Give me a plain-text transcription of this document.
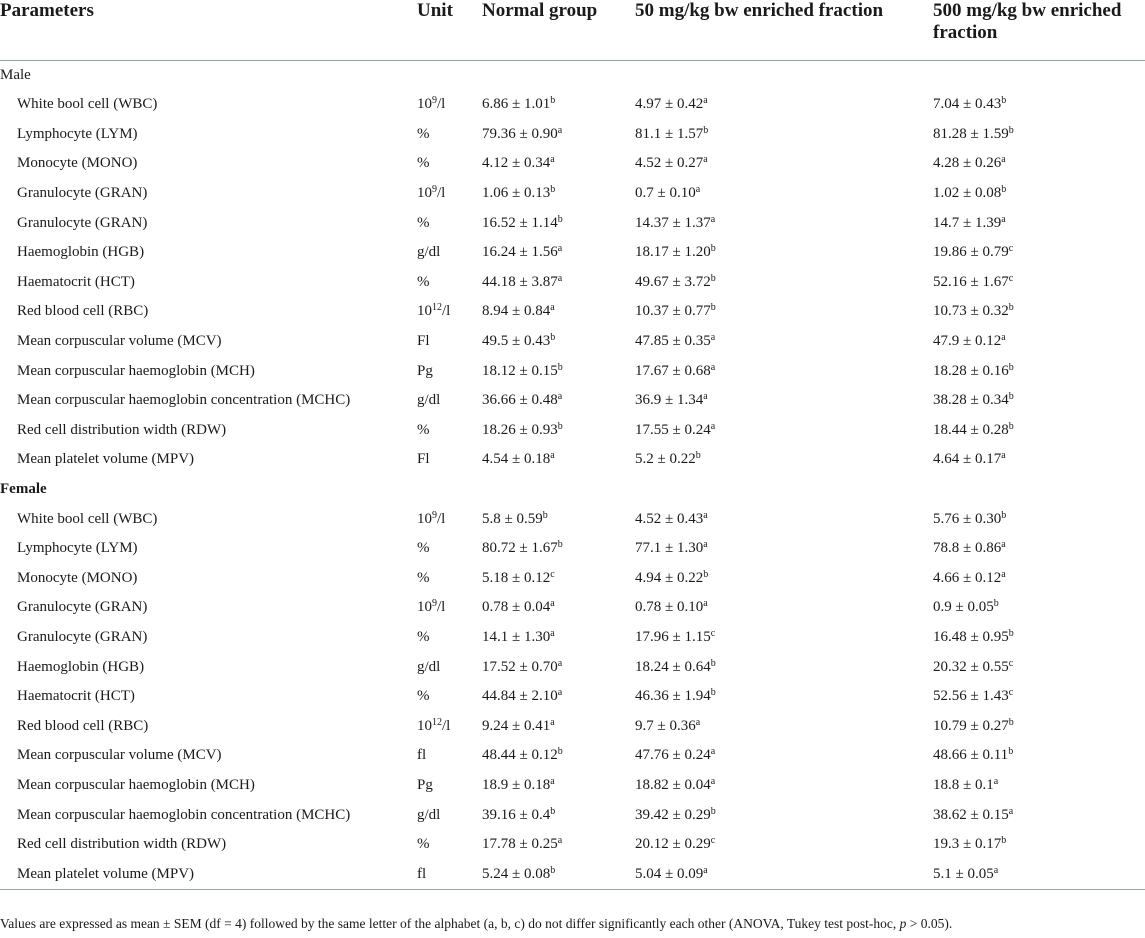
Parameters	Unit	Normal group	50 mg/kg bw enriched fraction	500 mg/kg bw enriched fraction
Male				
White bool cell (WBC)	$10^9/l$	6.86 ± 1.01$^b$	4.97 ± 0.42$^a$	7.04 ± 0.43$^b$
Lymphocyte (LYM)	%	79.36 ± 0.90$^a$	81.1 ± 1.57$^b$	81.28 ± 1.59$^b$
Monocyte (MONO)	%	4.12 ± 0.34$^a$	4.52 ± 0.27$^a$	4.28 ± 0.26$^a$
Granulocyte (GRAN)	$10^9/l$	1.06 ± 0.13$^b$	0.7 ± 0.10$^a$	1.02 ± 0.08$^b$
Granulocyte (GRAN)	%	16.52 ± 1.14$^b$	14.37 ± 1.37$^a$	14.7 ± 1.39$^a$
Haemoglobin (HGB)	g/dl	16.24 ± 1.56$^a$	18.17 ± 1.20$^b$	19.86 ± 0.79$^c$
Haematocrit (HCT)	%	44.18 ± 3.87$^a$	49.67 ± 3.72$^b$	52.16 ± 1.67$^c$
Red blood cell (RBC)	$10^{12}/l$	8.94 ± 0.84$^a$	10.37 ± 0.77$^b$	10.73 ± 0.32$^b$
Mean corpuscular volume (MCV)	Fl	49.5 ± 0.43$^b$	47.85 ± 0.35$^a$	47.9 ± 0.12$^a$
Mean corpuscular haemoglobin (MCH)	Pg	18.12 ± 0.15$^b$	17.67 ± 0.68$^a$	18.28 ± 0.16$^b$
Mean corpuscular haemoglobin concentration (MCHC)	g/dl	36.66 ± 0.48$^a$	36.9 ± 1.34$^a$	38.28 ± 0.34$^b$
Red cell distribution width (RDW)	%	18.26 ± 0.93$^b$	17.55 ± 0.24$^a$	18.44 ± 0.28$^b$
Mean platelet volume (MPV)	Fl	4.54 ± 0.18$^a$	5.2 ± 0.22$^b$	4.64 ± 0.17$^a$
Female				
White bool cell (WBC)	$10^9/l$	5.8 ± 0.59$^b$	4.52 ± 0.43$^a$	5.76 ± 0.30$^b$
Lymphocyte (LYM)	%	80.72 ± 1.67$^b$	77.1 ± 1.30$^a$	78.8 ± 0.86$^a$
Monocyte (MONO)	%	5.18 ± 0.12$^c$	4.94 ± 0.22$^b$	4.66 ± 0.12$^a$
Granulocyte (GRAN)	$10^9/l$	0.78 ± 0.04$^a$	0.78 ± 0.10$^a$	0.9 ± 0.05$^b$
Granulocyte (GRAN)	%	14.1 ± 1.30$^a$	17.96 ± 1.15$^c$	16.48 ± 0.95$^b$
Haemoglobin (HGB)	g/dl	17.52 ± 0.70$^a$	18.24 ± 0.64$^b$	20.32 ± 0.55$^c$
Haematocrit (HCT)	%	44.84 ± 2.10$^a$	46.36 ± 1.94$^b$	52.56 ± 1.43$^c$
Red blood cell (RBC)	$10^{12}/l$	9.24 ± 0.41$^a$	9.7 ± 0.36$^a$	10.79 ± 0.27$^b$
Mean corpuscular volume (MCV)	fl	48.44 ± 0.12$^b$	47.76 ± 0.24$^a$	48.66 ± 0.11$^b$
Mean corpuscular haemoglobin (MCH)	Pg	18.9 ± 0.18$^a$	18.82 ± 0.04$^a$	18.8 ± 0.1$^a$
Mean corpuscular haemoglobin concentration (MCHC)	g/dl	39.16 ± 0.4$^b$	39.42 ± 0.29$^b$	38.62 ± 0.15$^a$
Red cell distribution width (RDW)	%	17.78 ± 0.25$^a$	20.12 ± 0.29$^c$	19.3 ± 0.17$^b$
Mean platelet volume (MPV)	fl	5.24 ± 0.08$^b$	5.04 ± 0.09$^a$	5.1 ± 0.05$^a$
Values are expressed as mean ± SEM (df = 4) followed by the same letter of the alphabet (a, b, c) do not differ significantly each other (ANOVA, Tukey test post-hoc, p > 0.05).
